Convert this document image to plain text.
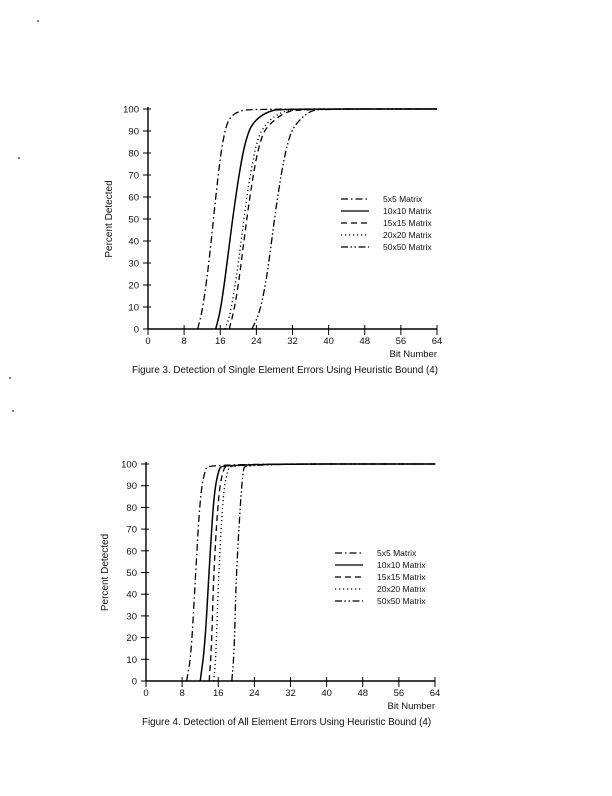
0
10
20
30
40
50
60
70
80
90
100
0	8	16	24	32	40	48	56	64
Bit Number
Percent Detected	5x5 Matrix
10x10 Matrix
15x15 Matrix
20x20 Matrix
50x50 Matrix
Figure 3. Detection of Single Element Errors Using Heuristic Bound (4)
0
10
20
30
40
50
60
70
80
90
100
0	8	16	24	32	40	48	56	64
Bit Number
Percent Detected	5x5 Matrix
10x10 Matrix
15x15 Matrix
20x20 Matrix
50x50 Matrix
Figure 4. Detection of All Element Errors Using Heuristic Bound (4)
